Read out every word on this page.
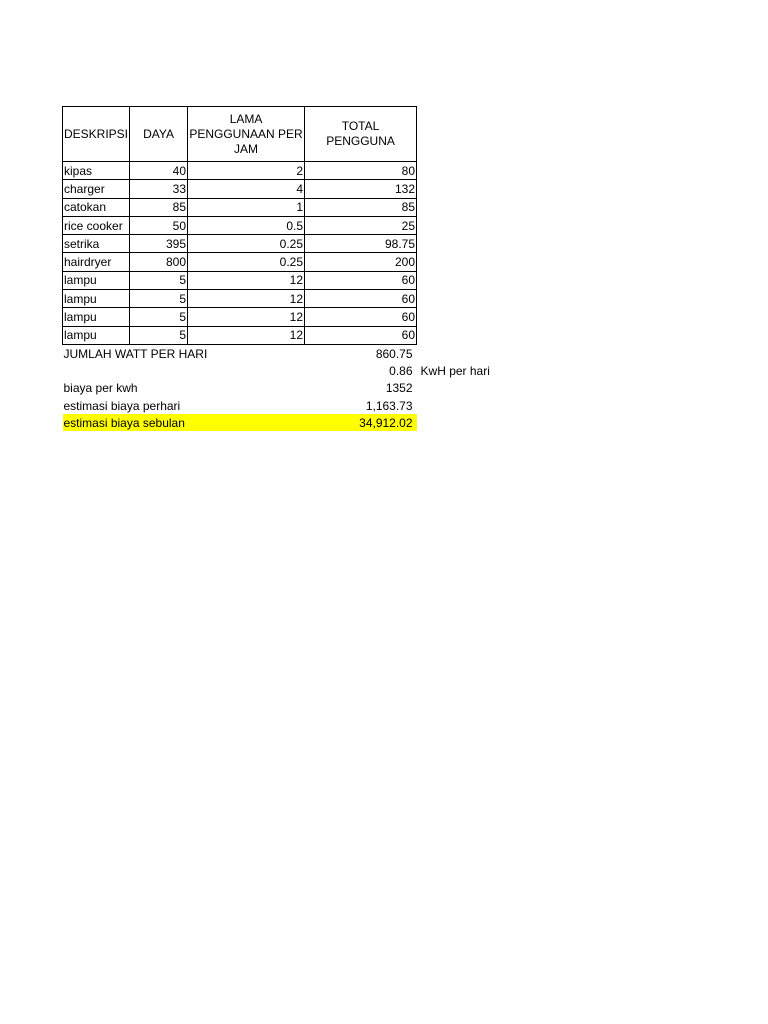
DESKRIPSI	DAYA	LAMA PENGGUNAAN PER JAM	TOTAL PENGGUNA
kipas	40	2	80
charger	33	4	132
catokan	85	1	85
rice cooker	50	0.5	25
setrika	395	0.25	98.75
hairdryer	800	0.25	200
lampu	5	12	60
lampu	5	12	60
lampu	5	12	60
lampu	5	12	60
JUMLAH WATT PER HARI			860.75
			0.86 KwH per hari

biaya per kwh			1352
estimasi biaya perhari			1,163.73
estimasi biaya sebulan			34,912.02
